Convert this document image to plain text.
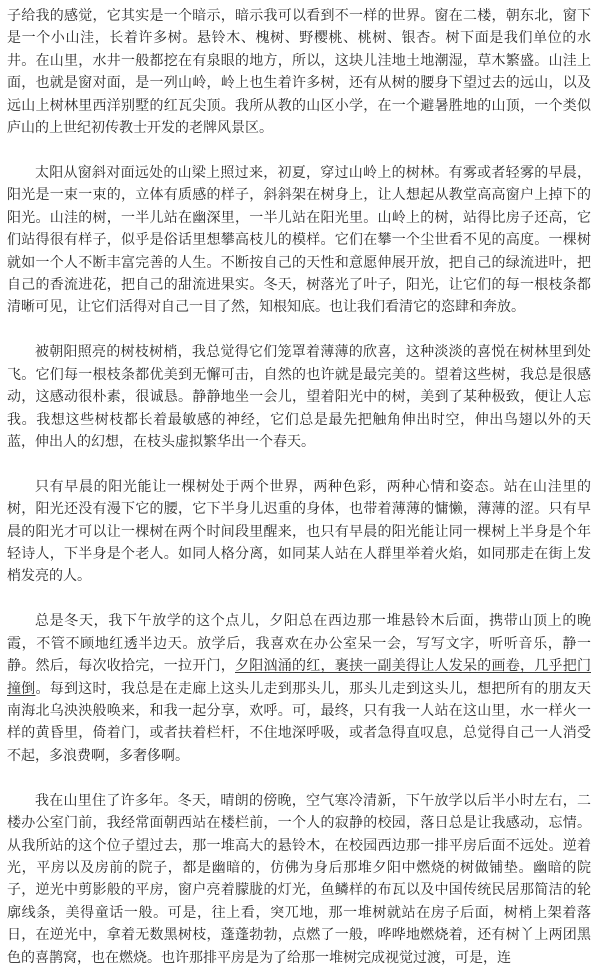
子给我的感觉，它其实是一个暗示，暗示我可以看到不一样的世界。窗在二楼，朝东北，窗下是一个小山洼，长着许多树。悬铃木、槐树、野樱桃、桃树、银杏。树下面是我们单位的水井。在山里，水井一般都挖在有泉眼的地方，所以，这块儿洼地土地潮湿，草木繁盛。山洼上面，也就是窗对面，是一列山岭，岭上也生着许多树，还有从树的腰身下望过去的远山，以及远山上树林里西洋别墅的红瓦尖顶。我所从教的山区小学，在一个避暑胜地的山顶，一个类似庐山的上世纪初传教士开发的老牌风景区。

太阳从窗斜对面远处的山梁上照过来，初夏，穿过山岭上的树林。有雾或者轻雾的早晨，阳光是一束一束的，立体有质感的样子，斜斜架在树身上，让人想起从教堂高高窗户上掉下的阳光。山洼的树，一半儿站在幽深里，一半儿站在阳光里。山岭上的树，站得比房子还高，它们站得很有样子，似乎是俗话里想攀高枝儿的模样。它们在攀一个尘世看不见的高度。一棵树就如一个人不断丰富完善的人生。不断按自己的天性和意愿伸展开放，把自己的绿流进叶，把自己的香流进花，把自己的甜流进果实。冬天，树落光了叶子，阳光，让它们的每一根枝条都清晰可见，让它们活得对自己一目了然，知根知底。也让我们看清它的恣肆和奔放。

被朝阳照亮的树枝树梢，我总觉得它们笼罩着薄薄的欣喜，这种淡淡的喜悦在树林里到处飞。它们每一根枝条都优美到无懈可击，自然的也许就是最完美的。望着这些树，我总是很感动，这感动很朴素，很诚恳。静静地坐一会儿，望着阳光中的树，美到了某种极致，便让人忘我。我想这些树枝都长着最敏感的神经，它们总是最先把触角伸出时空，伸出鸟翅以外的天蓝，伸出人的幻想，在枝头虚拟繁华出一个春天。

只有早晨的阳光能让一棵树处于两个世界，两种色彩，两种心情和姿态。站在山洼里的树，阳光还没有漫下它的腰，它下半身儿迟重的身体，也带着薄薄的慵懒，薄薄的涩。只有早晨的阳光才可以让一棵树在两个时间段里醒来，也只有早晨的阳光能让同一棵树上半身是个年轻诗人，下半身是个老人。如同人格分离，如同某人站在人群里举着火焰，如同那走在街上发梢发亮的人。

总是冬天，我下午放学的这个点儿，夕阳总在西边那一堆悬铃木后面，携带山顶上的晚霞，不管不顾地红透半边天。放学后，我喜欢在办公室呆一会，写写文字，听听音乐，静一静。然后，每次收拾完，一拉开门，夕阳汹涌的红，裹挟一副美得让人发呆的画卷，几乎把门撞倒。每到这时，我总是在走廊上这头儿走到那头儿，那头儿走到这头儿，想把所有的朋友天南海北乌泱泱般唤来，和我一起分享，欢呼。可，最终，只有我一人站在这山里，水一样火一样的黄昏里，倚着门，或者扶着栏杆，不住地深呼吸，或者急得直叹息，总觉得自己一人消受不起，多浪费啊，多奢侈啊。

我在山里住了许多年。冬天，晴朗的傍晚，空气寒冷清新，下午放学以后半小时左右，二楼办公室门前，我经常面朝西站在楼栏前，一个人的寂静的校园，落日总是让我感动，忘情。从我所站的这个位子望过去，那一堆高大的悬铃木，在校园西边那一排平房后面不远处。逆着光，平房以及房前的院子，都是幽暗的，仿佛为身后那堆夕阳中燃烧的树做铺垫。幽暗的院子，逆光中剪影般的平房，窗户亮着朦胧的灯光，鱼鳞样的布瓦以及中国传统民居那简洁的轮廓线条，美得童话一般。可是，往上看，突兀地，那一堆树就站在房子后面，树梢上架着落日，在逆光中，拿着无数黑树枝，蓬蓬勃勃，点燃了一般，哗哗地燃烧着，还有树丫上两团黑色的喜鹊窝，也在燃烧。也许那排平房是为了给那一堆树完成视觉过渡，可是，连
